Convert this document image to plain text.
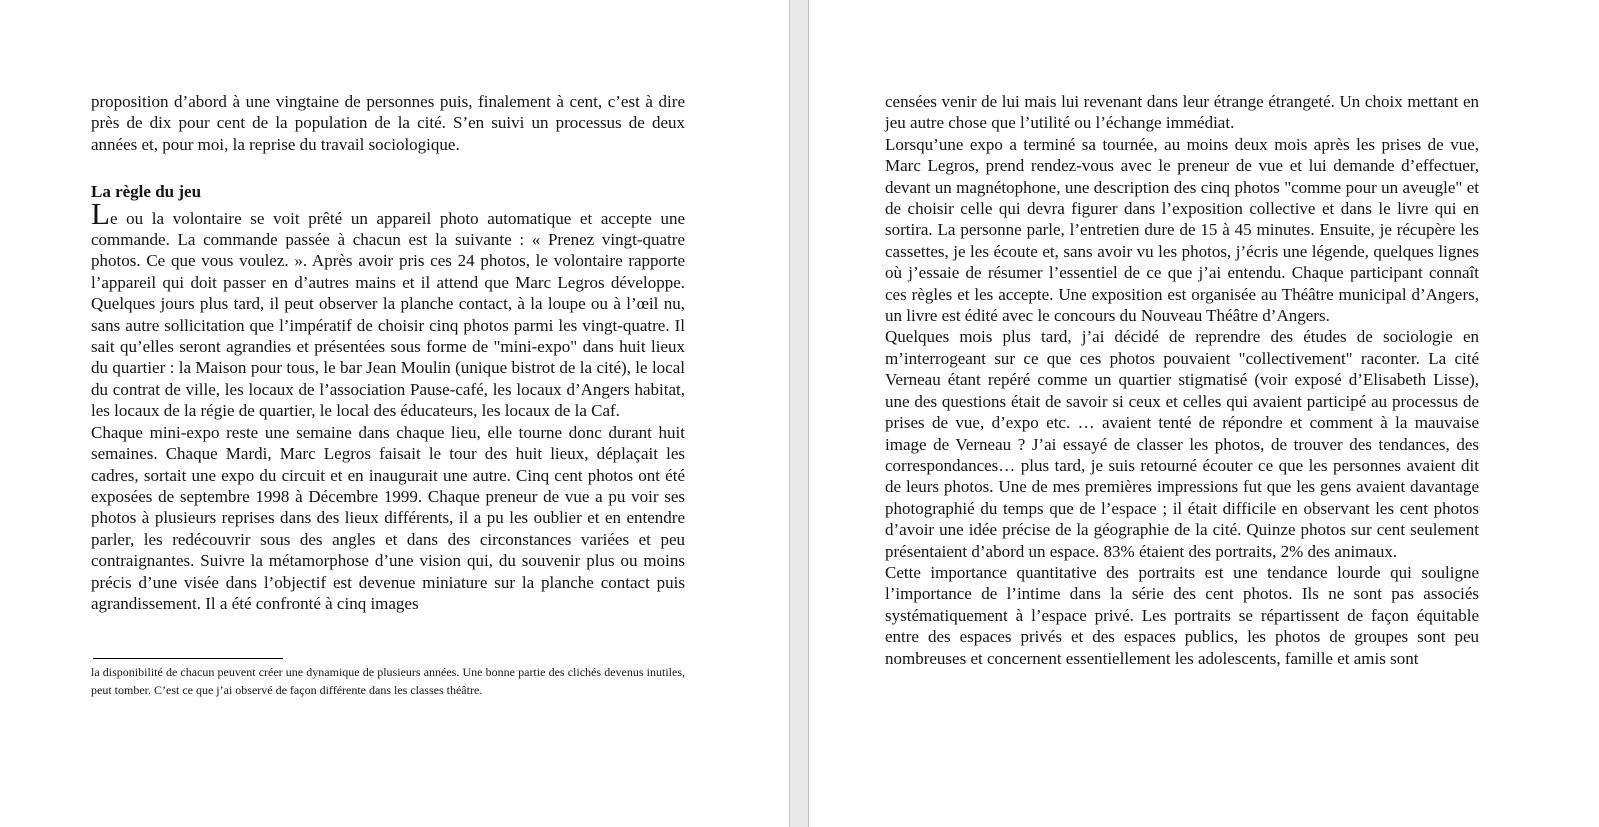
proposition d’abord à une vingtaine de personnes puis, finalement à cent, c’est à dire près de dix pour cent de la population de la cité. S’en suivi un processus de deux années et, pour moi, la reprise du travail sociologique.

La règle du jeu

Le ou la volontaire se voit prêté un appareil photo automatique et accepte une commande. La commande passée à chacun est la suivante : « Prenez vingt-quatre photos. Ce que vous voulez. ». Après avoir pris ces 24 photos, le volontaire rapporte l’appareil qui doit passer en d’autres mains et il attend que Marc Legros développe. Quelques jours plus tard, il peut observer la planche contact, à la loupe ou à l’œil nu, sans autre sollicitation que l’impératif de choisir cinq photos parmi les vingt-quatre. Il sait qu’elles seront agrandies et présentées sous forme de "mini-expo" dans huit lieux du quartier : la Maison pour tous, le bar Jean Moulin (unique bistrot de la cité), le local du contrat de ville, les locaux de l’association Pause-café, les locaux d’Angers habitat, les locaux de la régie de quartier, le local des éducateurs, les locaux de la Caf.

Chaque mini-expo reste une semaine dans chaque lieu, elle tourne donc durant huit semaines. Chaque Mardi, Marc Legros faisait le tour des huit lieux, déplaçait les cadres, sortait une expo du circuit et en inaugurait une autre. Cinq cent photos ont été exposées de septembre 1998 à Décembre 1999. Chaque preneur de vue a pu voir ses photos à plusieurs reprises dans des lieux différents, il a pu les oublier et en entendre parler, les redécouvrir sous des angles et dans des circonstances variées et peu contraignantes. Suivre la métamorphose d’une vision qui, du souvenir plus ou moins précis d’une visée dans l’objectif est devenue miniature sur la planche contact puis agrandissement. Il a été confronté à cinq images

la disponibilité de chacun peuvent créer une dynamique de plusieurs années. Une bonne partie des clichés devenus inutiles, peut tomber. C’est ce que j’ai observé de façon différente dans les classes théâtre.

censées venir de lui mais lui revenant dans leur étrange étrangeté. Un choix mettant en jeu autre chose que l’utilité ou l’échange immédiat.

Lorsqu’une expo a terminé sa tournée, au moins deux mois après les prises de vue, Marc Legros, prend rendez-vous avec le preneur de vue et lui demande d’effectuer, devant un magnétophone, une description des cinq photos "comme pour un aveugle" et de choisir celle qui devra figurer dans l’exposition collective et dans le livre qui en sortira. La personne parle, l’entretien dure de 15 à 45 minutes. Ensuite, je récupère les cassettes, je les écoute et, sans avoir vu les photos, j’écris une légende, quelques lignes où j’essaie de résumer l’essentiel de ce que j’ai entendu. Chaque participant connaît ces règles et les accepte. Une exposition est organisée au Théâtre municipal d’Angers, un livre est édité avec le concours du Nouveau Théâtre d’Angers.

Quelques mois plus tard, j’ai décidé de reprendre des études de sociologie en m’interrogeant sur ce que ces photos pouvaient "collectivement" raconter. La cité Verneau étant repéré comme un quartier stigmatisé (voir exposé d’Elisabeth Lisse), une des questions était de savoir si ceux et celles qui avaient participé au processus de prises de vue, d’expo etc. … avaient tenté de répondre et comment à la mauvaise image de Verneau ? J’ai essayé de classer les photos, de trouver des tendances, des correspondances… plus tard, je suis retourné écouter ce que les personnes avaient dit de leurs photos. Une de mes premières impressions fut que les gens avaient davantage photographié du temps que de l’espace ; il était difficile en observant les cent photos d’avoir une idée précise de la géographie de la cité. Quinze photos sur cent seulement présentaient d’abord un espace. 83% étaient des portraits, 2% des animaux.

Cette importance quantitative des portraits est une tendance lourde qui souligne l’importance de l’intime dans la série des cent photos. Ils ne sont pas associés systématiquement à l’espace privé. Les portraits se répartissent de façon équitable entre des espaces privés et des espaces publics, les photos de groupes sont peu nombreuses et concernent essentiellement les adolescents, famille et amis sont
